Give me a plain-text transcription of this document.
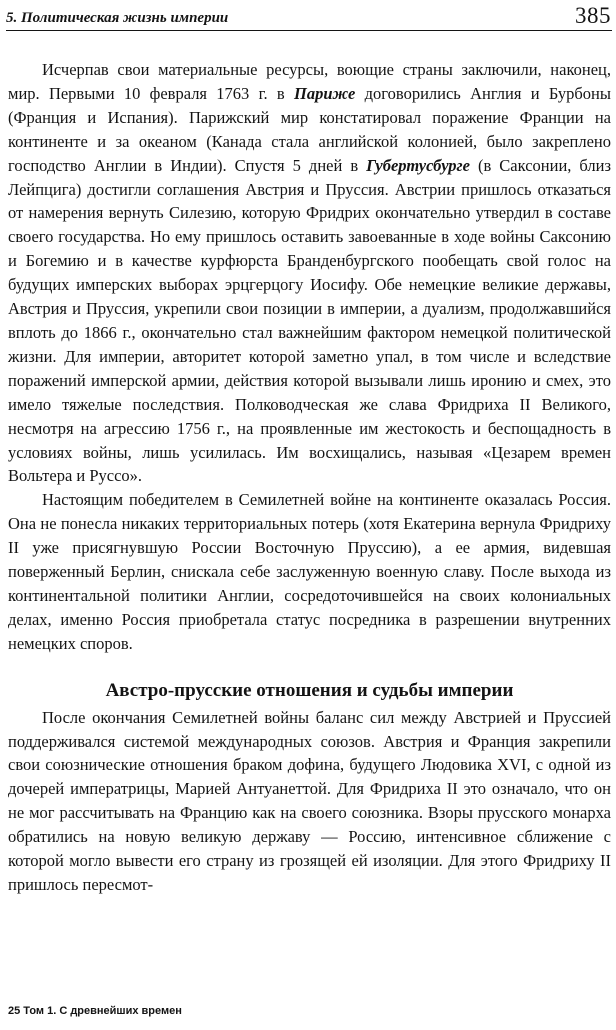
5. Политическая жизнь империи	385

Исчерпав свои материальные ресурсы, воющие страны заключили, наконец, мир. Первыми 10 февраля 1763 г. в Париже договорились Англия и Бурбоны (Франция и Испания). Парижский мир констатировал поражение Франции на континенте и за океаном (Канада стала английской колонией, было закреплено господство Англии в Индии). Спустя 5 дней в Губертусбурге (в Саксонии, близ Лейпцига) достигли соглашения Австрия и Пруссия. Австрии пришлось отказаться от намерения вернуть Силезию, которую Фридрих окончательно утвердил в составе своего государства. Но ему пришлось оставить завоеванные в ходе войны Саксонию и Богемию и в качестве курфюрста Бранденбургского пообещать свой голос на будущих имперских выборах эрцгерцогу Иосифу. Обе немецкие великие державы, Австрия и Пруссия, укрепили свои позиции в империи, а дуализм, продолжавшийся вплоть до 1866 г., окончательно стал важнейшим фактором немецкой политической жизни. Для империи, авторитет которой заметно упал, в том числе и вследствие поражений имперской армии, действия которой вызывали лишь иронию и смех, это имело тяжелые последствия. Полководческая же слава Фридриха II Великого, несмотря на агрессию 1756 г., на проявленные им жестокость и беспощадность в условиях войны, лишь усилилась. Им восхищались, называя «Цезарем времен Вольтера и Руссо».

Настоящим победителем в Семилетней войне на континенте оказалась Россия. Она не понесла никаких территориальных потерь (хотя Екатерина вернула Фридриху II уже присягнувшую России Восточную Пруссию), а ее армия, видевшая поверженный Берлин, снискала себе заслуженную военную славу. После выхода из континентальной политики Англии, сосредоточившейся на своих колониальных делах, именно Россия приобретала статус посредника в разрешении внутренних немецких споров.

Австро-прусские отношения и судьбы империи

После окончания Семилетней войны баланс сил между Австрией и Пруссией поддерживался системой международных союзов. Австрия и Франция закрепили свои союзнические отношения браком дофина, будущего Людовика XVI, с одной из дочерей императрицы, Марией Антуанеттой. Для Фридриха II это означало, что он не мог рассчитывать на Францию как на своего союзника. Взоры прусского монарха обратились на новую великую державу — Россию, интенсивное сближение с которой могло вывести его страну из грозящей ей изоляции. Для этого Фридриху II пришлось пересмот-

25 Том 1. С древнейших времен
